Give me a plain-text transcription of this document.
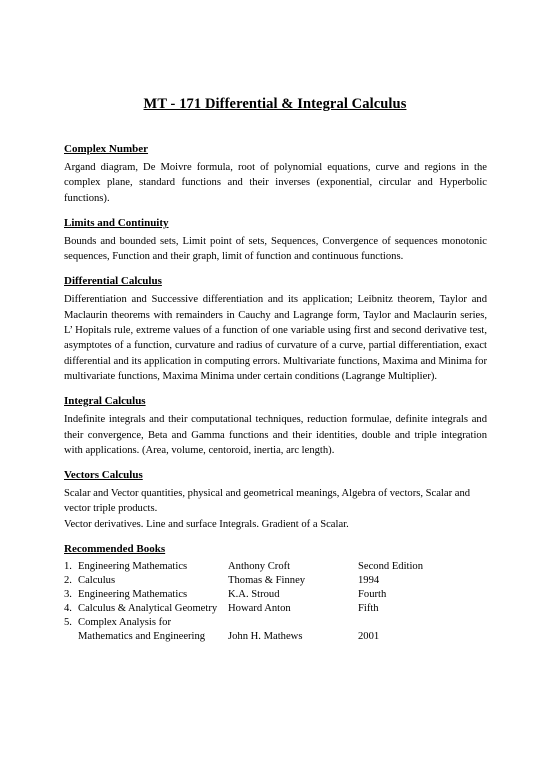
MT - 171 Differential & Integral Calculus
Complex Number
Argand diagram, De Moivre formula, root of polynomial equations, curve and regions in the complex plane, standard functions and their inverses (exponential, circular and Hyperbolic functions).
Limits and Continuity
Bounds and bounded sets, Limit point of sets, Sequences, Convergence of sequences monotonic sequences, Function and their graph, limit of function and continuous functions.
Differential Calculus
Differentiation and Successive differentiation and its application; Leibnitz theorem, Taylor and Maclaurin theorems with remainders in Cauchy and Lagrange form, Taylor and Maclaurin series, L’ Hopitals rule, extreme values of a function of one variable using first and second derivative test, asymptotes of a function, curvature and radius of curvature of a curve, partial differentiation, exact differential and its application in computing errors. Multivariate functions, Maxima and Minima for multivariate functions, Maxima Minima under certain conditions (Lagrange Multiplier).
Integral Calculus
Indefinite integrals and their computational techniques, reduction formulae, definite integrals and their convergence, Beta and Gamma functions and their identities, double and triple integration with applications. (Area, volume, centoroid, inertia, arc length).
Vectors Calculus
Scalar and Vector quantities, physical and geometrical meanings, Algebra of vectors, Scalar and vector triple products.
Vector derivatives. Line and surface Integrals. Gradient of a Scalar.
Recommended Books
1.	Engineering Mathematics	Anthony Croft	Second Edition
2.	Calculus	Thomas & Finney	1994
3.	Engineering Mathematics	K.A. Stroud	Fourth
4.	Calculus & Analytical Geometry	Howard Anton	Fifth
5.	Complex Analysis for		
	Mathematics and Engineering	John H. Mathews	2001
